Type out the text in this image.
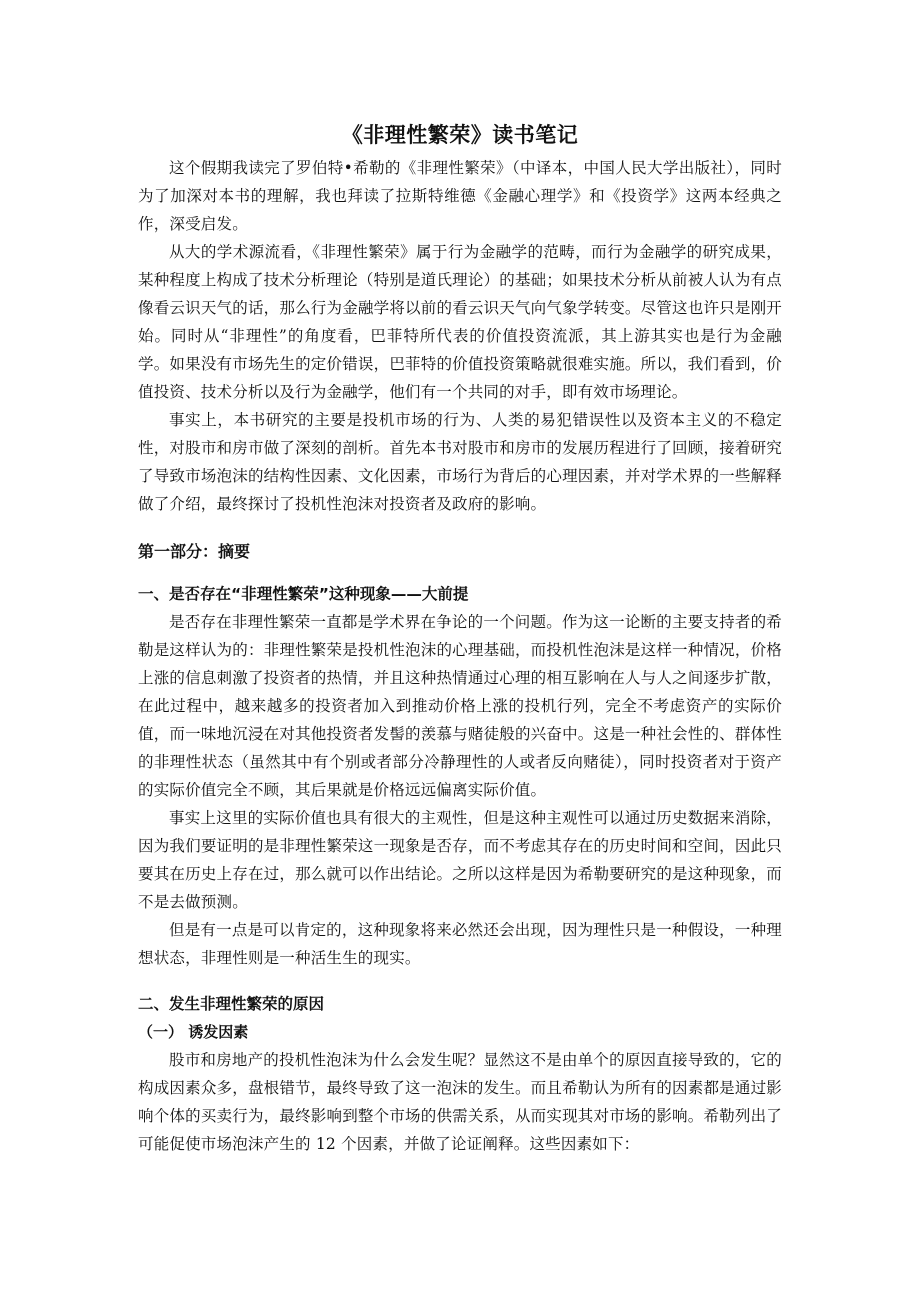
《非理性繁荣》读书笔记

这个假期我读完了罗伯特•希勒的《非理性繁荣》（中译本，中国人民大学出版社），同时为了加深对本书的理解，我也拜读了拉斯特维德《金融心理学》和《投资学》这两本经典之作，深受启发。

从大的学术源流看，《非理性繁荣》属于行为金融学的范畴，而行为金融学的研究成果，某种程度上构成了技术分析理论（特别是道氏理论）的基础；如果技术分析从前被人认为有点像看云识天气的话，那么行为金融学将以前的看云识天气向气象学转变。尽管这也许只是刚开始。同时从“非理性”的角度看，巴菲特所代表的价值投资流派，其上游其实也是行为金融学。如果没有市场先生的定价错误，巴菲特的价值投资策略就很难实施。所以，我们看到，价值投资、技术分析以及行为金融学，他们有一个共同的对手，即有效市场理论。

事实上，本书研究的主要是投机市场的行为、人类的易犯错误性以及资本主义的不稳定性，对股市和房市做了深刻的剖析。首先本书对股市和房市的发展历程进行了回顾，接着研究了导致市场泡沫的结构性因素、文化因素，市场行为背后的心理因素，并对学术界的一些解释做了介绍，最终探讨了投机性泡沫对投资者及政府的影响。

第一部分：摘要
一、是否存在“非理性繁荣”这种现象——大前提

是否存在非理性繁荣一直都是学术界在争论的一个问题。作为这一论断的主要支持者的希勒是这样认为的：非理性繁荣是投机性泡沫的心理基础，而投机性泡沫是这样一种情况，价格上涨的信息刺激了投资者的热情，并且这种热情通过心理的相互影响在人与人之间逐步扩散，在此过程中，越来越多的投资者加入到推动价格上涨的投机行列，完全不考虑资产的实际价值，而一味地沉浸在对其他投资者发髻的羡慕与赌徒般的兴奋中。这是一种社会性的、群体性的非理性状态（虽然其中有个别或者部分冷静理性的人或者反向赌徒），同时投资者对于资产的实际价值完全不顾，其后果就是价格远远偏离实际价值。

事实上这里的实际价值也具有很大的主观性，但是这种主观性可以通过历史数据来消除，因为我们要证明的是非理性繁荣这一现象是否存，而不考虑其存在的历史时间和空间，因此只要其在历史上存在过，那么就可以作出结论。之所以这样是因为希勒要研究的是这种现象，而不是去做预测。

但是有一点是可以肯定的，这种现象将来必然还会出现，因为理性只是一种假设，一种理想状态，非理性则是一种活生生的现实。

二、发生非理性繁荣的原因
（一） 诱发因素

股市和房地产的投机性泡沫为什么会发生呢？显然这不是由单个的原因直接导致的，它的构成因素众多，盘根错节，最终导致了这一泡沫的发生。而且希勒认为所有的因素都是通过影响个体的买卖行为，最终影响到整个市场的供需关系，从而实现其对市场的影响。希勒列出了可能促使市场泡沫产生的 12 个因素，并做了论证阐释。这些因素如下：
